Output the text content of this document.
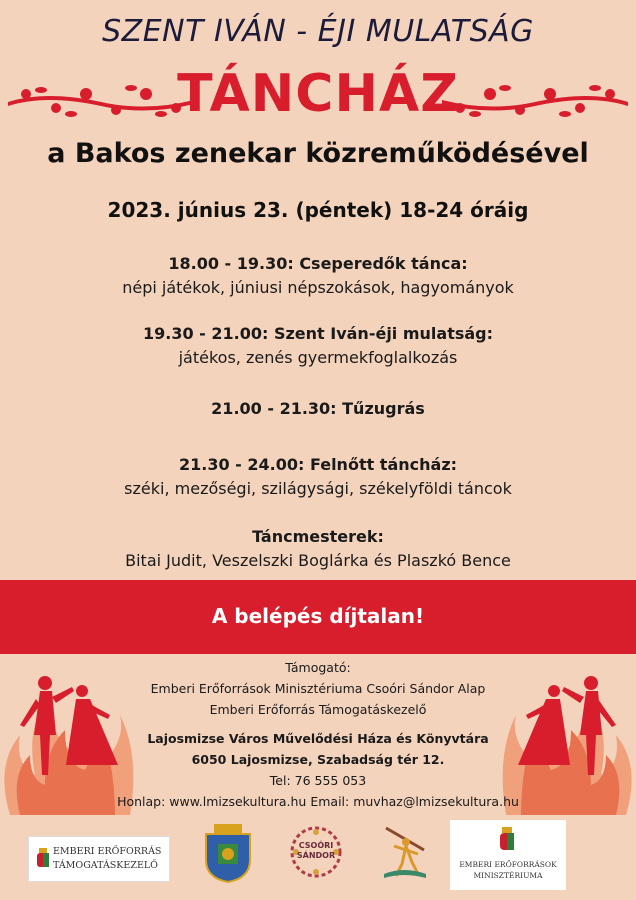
SZENT IVÁN - ÉJI MULATSÁG
TÁNCHÁZ
a Bakos zenekar közreműködésével
2023. június 23. (péntek) 18-24 óráig
18.00 - 19.30: Cseperedők tánca:
népi játékok, júniusi népszokások, hagyományok
19.30 - 21.00: Szent Iván-éji mulatság:
játékos, zenés gyermekfoglalkozás
21.00 - 21.30: Tűzugrás
21.30 - 24.00: Felnőtt táncház:
széki, mezőségi, szilágysági, székelyföldi táncok
Táncmesterek:
Bitai Judit, Veszelszki Boglárka és Plaszkó Bence
A belépés díjtalan!
Támogató:
Emberi Erőforrások Minisztériuma Csoóri Sándor Alap
Emberi Erőforrás Támogatáskezelő
Lajosmizse Város Művelődési Háza és Könyvtára
6050 Lajosmizse, Szabadság tér 12.
Tel: 76 555 053
Honlap: www.lmizsekultura.hu Email: muvhaz@lmizsekultura.hu
EMBERI ERŐFORRÁS
TÁMOGATÁSKEZELŐ
CSOÓRI
SÁNDOR
EMBERI ERŐFORRÁSOK
MINISZTÉRIUMA
